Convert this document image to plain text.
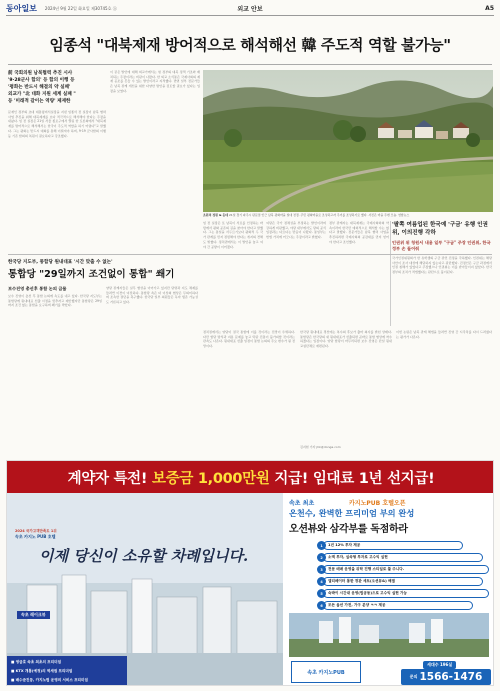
동아일보 2024년 9월 22일 화요일 제30745호 ⓐ	외교 안보	A5
임종석 "대북제재 방어적으로 해석해선 韓 주도적 역할 불가능"
前 국회의원 남북협력 추진 시사
'9·28군사 합의' 등 합의 이행 등
'평화는 반드시 해결의 약 실패'
외교가 "北 대화 지원 세계 실패 "
등 '미래적 갈이는 역량' 제재한
문재인 정부의 초대 대통령비서실장을 지낸 임종석 전 실장이 남북 협력 사업 추진을 위해 대북제재를 보다 적극적으로 해석해야 한다는 주장을 내놨다. 임 전 실장은 21일 서울 종로구에서 열린 한 토론회에서 "대북제재를 방어적으로 해석해서는 한국이 주도적 역할을 하기 어렵다"고 말했다. 그는 평화는 반드시 대화를 통해 이뤄져야 하며, 9·19 군사합의 이행 등 기존 합의의 복원이 필요하다고 강조했다.
이 같은 발언에 대해 외교가에서는 현 정부의 대북 정책 기조와 배치되는 주장이라는 비판이 나왔다. 한 외교 소식통은 국제사회의 제재 공조를 흔들 수 있는 발언이라고 지적했다. 반면 일부 전문가들은 남북 관계 개선을 위한 다양한 방안을 검토할 필요가 있다는 입장을 보였다.
임 전 실장은 또 남북이 서로를 인정하는 바탕에서 평화 공존의 길을 찾아야 한다고 말했다. 그는 통일을 서두르기보다 평화적 두 국가 관계를 먼저 정립해야 한다는 취지의 견해도 밝혔다. 정치권에서는 이 발언을 놓고 여야 간 공방이 이어졌다.
여당은 국가 정체성을 부정하는 발언이라며 강하게 비판했고, 야당 내부에서도 당의 공식 입장과는 다르다는 반응이 나왔다. 통일부는 헌법 가치에 어긋나는 주장이라고 밝혔다.
정부 관계자는 대북제재는 국제사회와의 약속이라며 한국만 예외적으로 해석할 수는 없다고 말했다. 전문가들은 남북 협력 사업을 추진하려면 국제사회의 공감대를 먼저 얻어야 한다고 조언했다.
초원의 정원 & 동네 21일 경기 파주시 판문점 인근 남북 평화마을 일대 전경. 주민 평화마을로 조성하고자 주거를 조성하기로 했다. 사진은 마을 주변 모습. 연합뉴스
'팔쪽 여름업된 한국예 '구금' 유행 인권위, 이의진행 각하
인권위 위 청원서 내용 일부 "구금" 주장 인권위, 한국 정부 손 들어줘
국가인권위원회가 한 유학생의 구금 관련 진정을 각하했다. 인권위는 해당 사안이 조사 대상에 해당하지 않는다고 판단했다. 진정인은 구금 과정에서 인권 침해가 있었다고 주장했으나 인권위는 이를 받아들이지 않았다. 한국 정부의 조치가 적법했다는 판단으로 풀이된다.
한국당 지도부, 통합당 원내대표 '시간 맞출 수 없는'
통합당 "29일까지 조건없이 통합" 쐐기
보수진영 총선후 통합 논의 급물
보수 진영이 총선 후 통합 논의에 속도를 내고 있다. 한국당 지도부는 통합당에 원내대표 선출 시점을 맞추자고 제안했지만 통합당은 29일까지 조건 없는 통합을 요구하며 쐐기를 박았다.
양당 관계자들은 실무 협상을 이어가고 있지만 당명과 지도 체제를 둘러싼 이견이 여전하다. 통합당 측은 더 이상의 협상은 무의미하다며 조속한 결단을 촉구했다. 한국당 일부 의원들은 독자 생존 가능성도 거론하고 있다.
정치권에서는 양당이 결국 통합에 이를 것이라는 전망이 우세하다. 다만 합당 방식과 지분 문제를 놓고 막판 진통이 불가피할 것이라는 관측도 나온다. 원내대표 선출 일정이 통합 논의의 주요 변수가 될 전망이다.
한국당 원내대표 경선에는 복수의 후보가 출마 의사를 밝힌 상태다. 통합당은 한국당의 새 원내대표가 선출되면 곧바로 통합 협상에 착수하겠다는 입장이다. 양당 합당이 마무리되면 보수 진영은 단일 원내 교섭단체로 재편된다.
김지현 기자 jhk@donga.com
이번 논란은 남북 관계 해법을 둘러싼 진영 간 시각차를 다시 드러냈다는 평가가 나온다.
계약자 특전! 보증금 1,000만원 지급! 임대료 1년 선지급!
2024 국가고객만족도 1위
속초 카지노 PUB 호텔
이제 당신이 소유할 차례입니다.
속초 레이크뷰
■ 영금호 속초 최초의 프리미엄
■ KTX 개통(예정)의 역세권 프리미엄
■ 배수준진등, 카지노펍 운영의 서비스 프리미엄
속초 최초	카지노PUB 호텔오픈
온천수, 완벽한 프리미엄 부의 완성
오션뷰와 삼각부를 독점하라
1	1년 12% 투자 제공
2	소액 투자, 실속형 투자로 고수익 실현
3	전문 매매 운영을 위탁 진행 스티일로 풀 주니다.
4	엘리베이터 통한 경관 세트(오션뷰&) 해결
5	숙박이 시간대 운영(법공동)으로 고수익 실현 가능
6	모든 옵션 가전, 가구 분양 ㅋㅋ 제공
속초 카지노PUB
세대수 196실
문의 1566-1476
